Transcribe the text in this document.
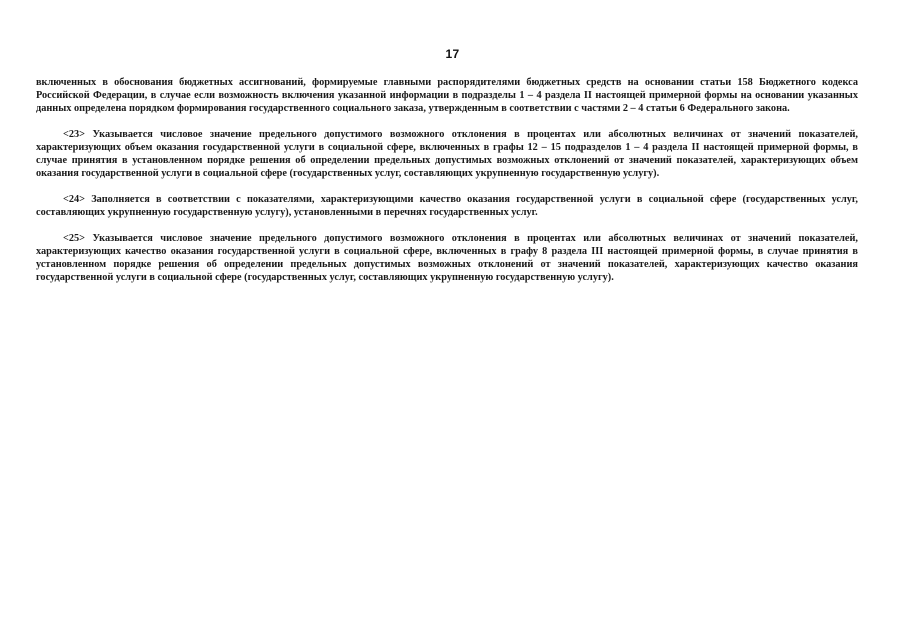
17

включенных в обоснования бюджетных ассигнований, формируемые главными распорядителями бюджетных средств на основании статьи 158 Бюджетного кодекса Российской Федерации, в случае если возможность включения указанной информации в подразделы 1 – 4 раздела II настоящей примерной формы на основании указанных данных определена порядком формирования государственного социального заказа, утвержденным в соответствии с частями 2 – 4 статьи 6 Федерального закона.

<23> Указывается числовое значение предельного допустимого возможного отклонения в процентах или абсолютных величинах от значений показателей, характеризующих объем оказания государственной услуги в социальной сфере, включенных в графы 12 – 15 подразделов 1 – 4 раздела II настоящей примерной формы, в случае принятия в установленном порядке решения об определении предельных допустимых возможных отклонений от значений показателей, характеризующих объем оказания государственной услуги в социальной сфере (государственных услуг, составляющих укрупненную государственную услугу).

<24> Заполняется в соответствии с показателями, характеризующими качество оказания государственной услуги в социальной сфере (государственных услуг, составляющих укрупненную государственную услугу), установленными в перечнях государственных услуг.

<25> Указывается числовое значение предельного допустимого возможного отклонения в процентах или абсолютных величинах от значений показателей, характеризующих качество оказания государственной услуги в социальной сфере, включенных в графу 8 раздела III настоящей примерной формы, в случае принятия в установленном порядке решения об определении предельных допустимых возможных отклонений от значений показателей, характеризующих качество оказания государственной услуги в социальной сфере (государственных услуг, составляющих укрупненную государственную услугу).
